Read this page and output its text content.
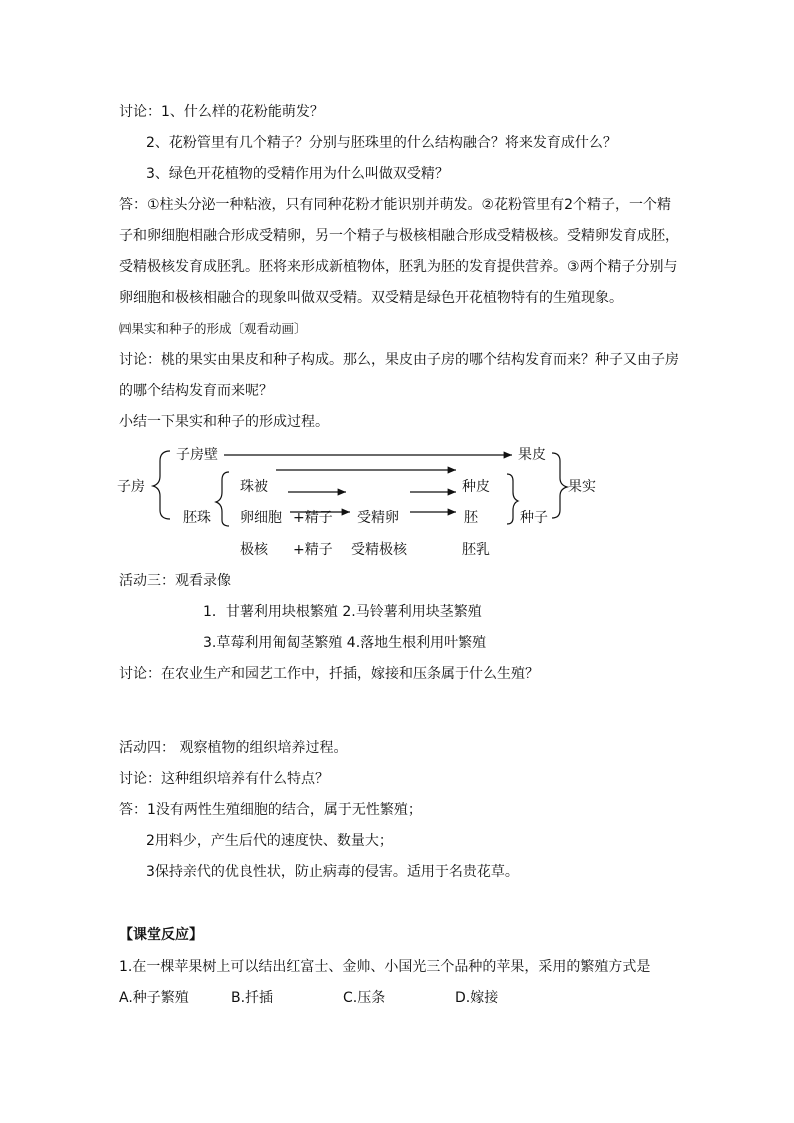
讨论：1、什么样的花粉能萌发？
2、花粉管里有几个精子？分别与胚珠里的什么结构融合？将来发育成什么？
3、绿色开花植物的受精作用为什么叫做双受精？
答：①柱头分泌一种粘液，只有同种花粉才能识别并萌发。②花粉管里有2个精子，一个精
子和卵细胞相融合形成受精卵，另一个精子与极核相融合形成受精极核。受精卵发育成胚，
受精极核发育成胚乳。胚将来形成新植物体，胚乳为胚的发育提供营养。③两个精子分别与
卵细胞和极核相融合的现象叫做双受精。双受精是绿色开花植物特有的生殖现象。
㈣果实和种子的形成〔观看动画〕
讨论：桃的果实由果皮和种子构成。那么，果皮由子房的哪个结构发育而来？种子又由子房
的哪个结构发育而来呢？
小结一下果实和种子的形成过程。
子房
子房壁	果皮
果实
珠被	种皮
胚珠 卵细胞 +精子 受精卵	胚	种子
极核 +精子 受精极核	胚乳
活动三：观看录像
1．甘薯利用块根繁殖 2.马铃薯利用块茎繁殖
3.草莓利用匍匐茎繁殖 4.落地生根利用叶繁殖
讨论：在农业生产和园艺工作中，扦插，嫁接和压条属于什么生殖？
活动四： 观察植物的组织培养过程。
讨论：这种组织培养有什么特点？
答：1没有两性生殖细胞的结合，属于无性繁殖；
2用料少，产生后代的速度快、数量大；
3保持亲代的优良性状，防止病毒的侵害。适用于名贵花草。
【课堂反应】
1.在一棵苹果树上可以结出红富士、金帅、小国光三个品种的苹果，采用的繁殖方式是
A.种子繁殖	B.扦插	C.压条	D.嫁接
